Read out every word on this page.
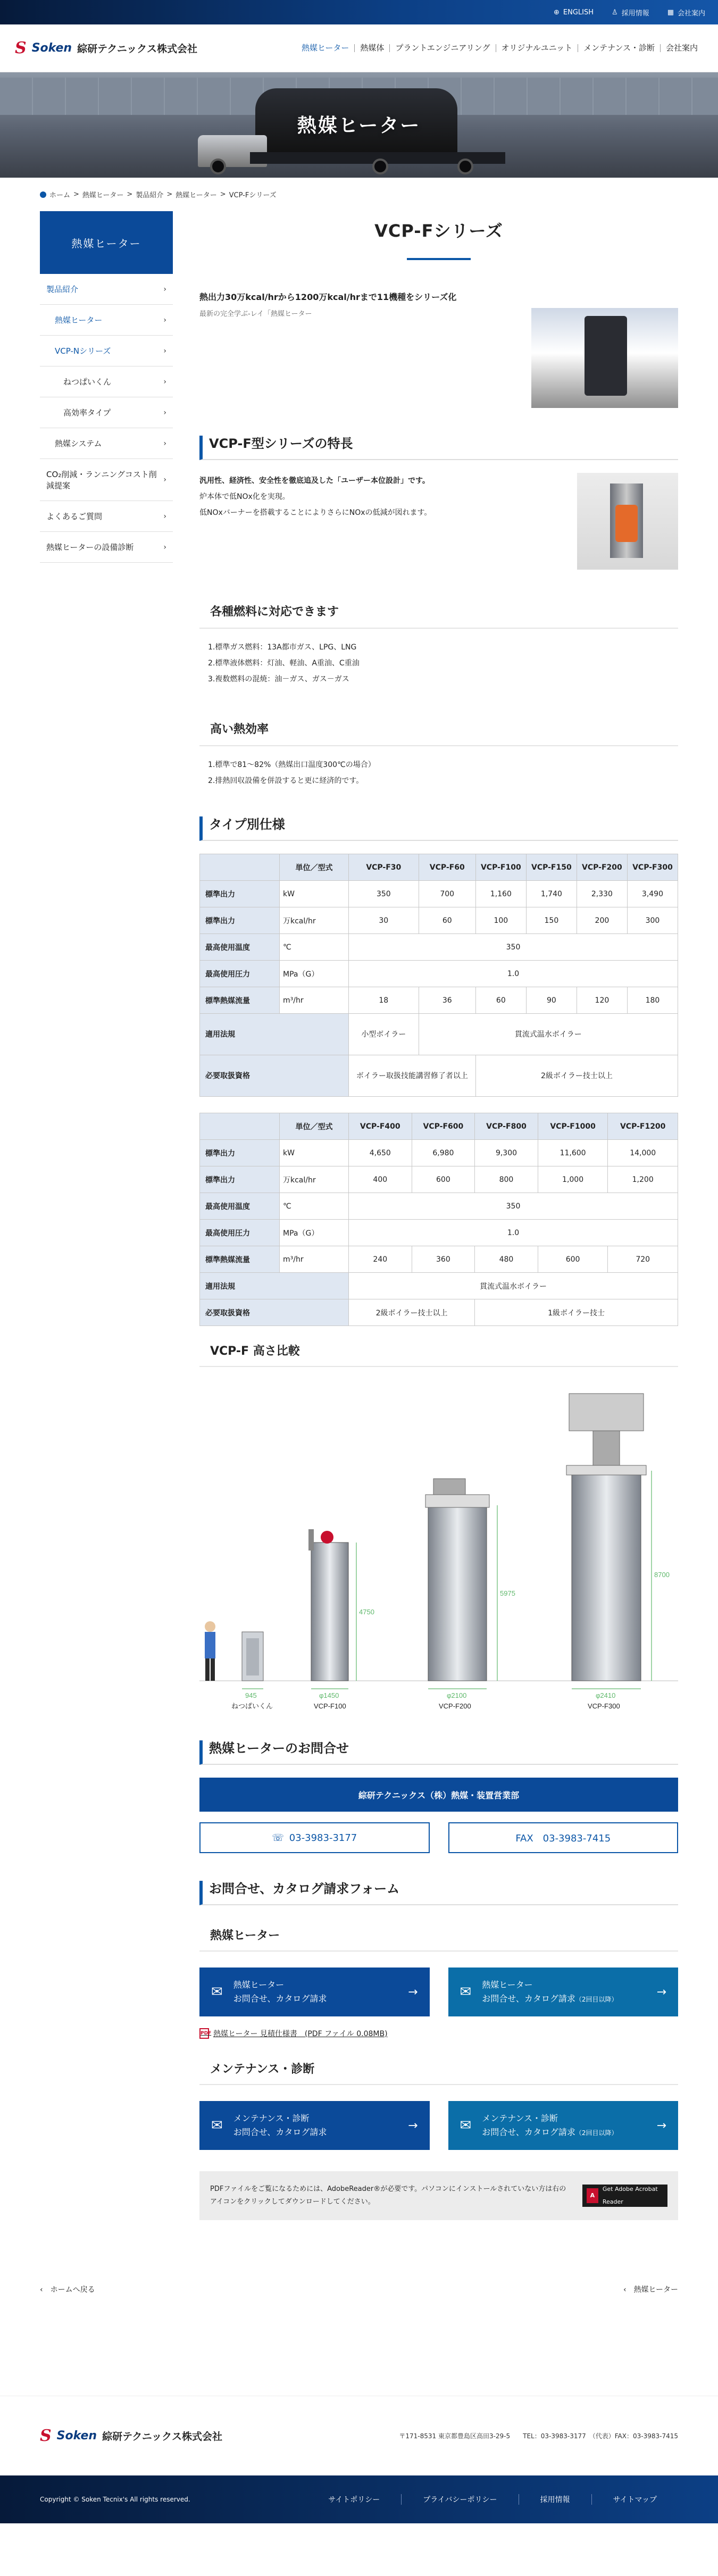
⊕ ENGLISH	♙ 採用情報	▦ 会社案内
S Soken 綜研テクニックス株式会社	熱媒ヒーター	熱媒体	プラントエンジニアリング	オリジナルユニット	メンテナンス・診断	会社案内
熱媒ヒーター
ホーム > 熱媒ヒーター > 製品紹介 > 熱媒ヒーター > VCP-Fシリーズ
熱媒ヒーター
製品紹介	›
熱媒ヒーター	›
VCP-Nシリーズ	›
ねつぱいくん	›
高効率タイプ	›
熱媒システム	›
CO₂削減・ランニングコスト削減提案
›
よくあるご質問	›
熱媒ヒーターの設備診断	›
VCP-Fシリーズ

熱出力30万kcal/hrから1200万kcal/hrまで11機種をシリーズ化

最新の完全学ぶ-レイ「熱媒ヒーター

VCP-F型シリーズの特長

汎用性、経済性、安全性を徹底追及した「ユーザー本位設計」です。

炉本体で低NOx化を実現。

低NOxバーナーを搭載することによりさらにNOxの低減が図れます。

各種燃料に対応できます

1.標準ガス燃料：13A都市ガス、LPG、LNG

2.標準液体燃料：灯油、軽油、A重油、C重油

3.複数燃料の混焼：油－ガス、ガス－ガス

高い熱効率

1.標準で81～82%（熱媒出口温度300℃の場合）

2.排熱回収設備を併設すると更に経済的です。

タイプ別仕様
	単位／型式	VCP-F30	VCP-F60	VCP-F100	VCP-F150	VCP-F200	VCP-F300
標準出力	kW	350	700	1,160	1,740	2,330	3,490
標準出力	万kcal/hr	30	60	100	150	200	300
最高使用温度	℃	350					
最高使用圧力	MPa（G）	1.0					
標準熱媒流量	m³/hr	18	36	60	90	120	180
適用法規		小型ボイラー	貫流式温水ボイラー				
必要取扱資格		ボイラー取扱技能講習修了者以上		2級ボイラー技士以上			
	単位／型式	VCP-F400	VCP-F600	VCP-F800	VCP-F1000	VCP-F1200
標準出力	kW	4,650	6,980	9,300	11,600	14,000
標準出力	万kcal/hr	400	600	800	1,000	1,200
最高使用温度	℃	350				
最高使用圧力	MPa（G）	1.0				
標準熱媒流量	m³/hr	240	360	480	600	720
適用法規		貫流式温水ボイラー				
必要取扱資格		2級ボイラー技士以上		1級ボイラー技士		
VCP-F 高さ比較
945	φ1450	φ2100	φ2410
4750
5975
8700
ねつぱいくん	VCP-F100	VCP-F200	VCP-F300
熱媒ヒーターのお問合せ
綜研テクニックス（株）熱媒・装置営業部
☏ 03-3983-3177	FAX　03-3983-7415
お問合せ、カタログ請求フォーム
熱媒ヒーター
✉ 熱媒ヒーター
お問合せ、カタログ請求	→	✉ 熱媒ヒーター
お問合せ、カタログ請求（2回目以降）
→
PDF 熱媒ヒーター 見積仕様書　(PDF ファイル 0.08MB)
メンテナンス・診断
✉ メンテナンス・診断
お問合せ、カタログ請求	→	✉ メンテナンス・診断
お問合せ、カタログ請求（2回目以降）
→

PDFファイルをご覧になるためには、AdobeReader®が必要です。パソコンにインストールされていない方は右のアイコンをクリックしてダウンロードしてください。

A
Get Adobe Acrobat Reader
‹　ホームへ戻る	‹　熱媒ヒーター
S Soken 綜研テクニックス株式会社	〒171-8531 東京都豊島区高田3-29-5　　TEL：03-3983-3177　（代表）FAX：03-3983-7415
Copyright © Soken Tecnix's All rights reserved.	サイトポリシー	プライバシーポリシー	採用情報	サイトマップ
